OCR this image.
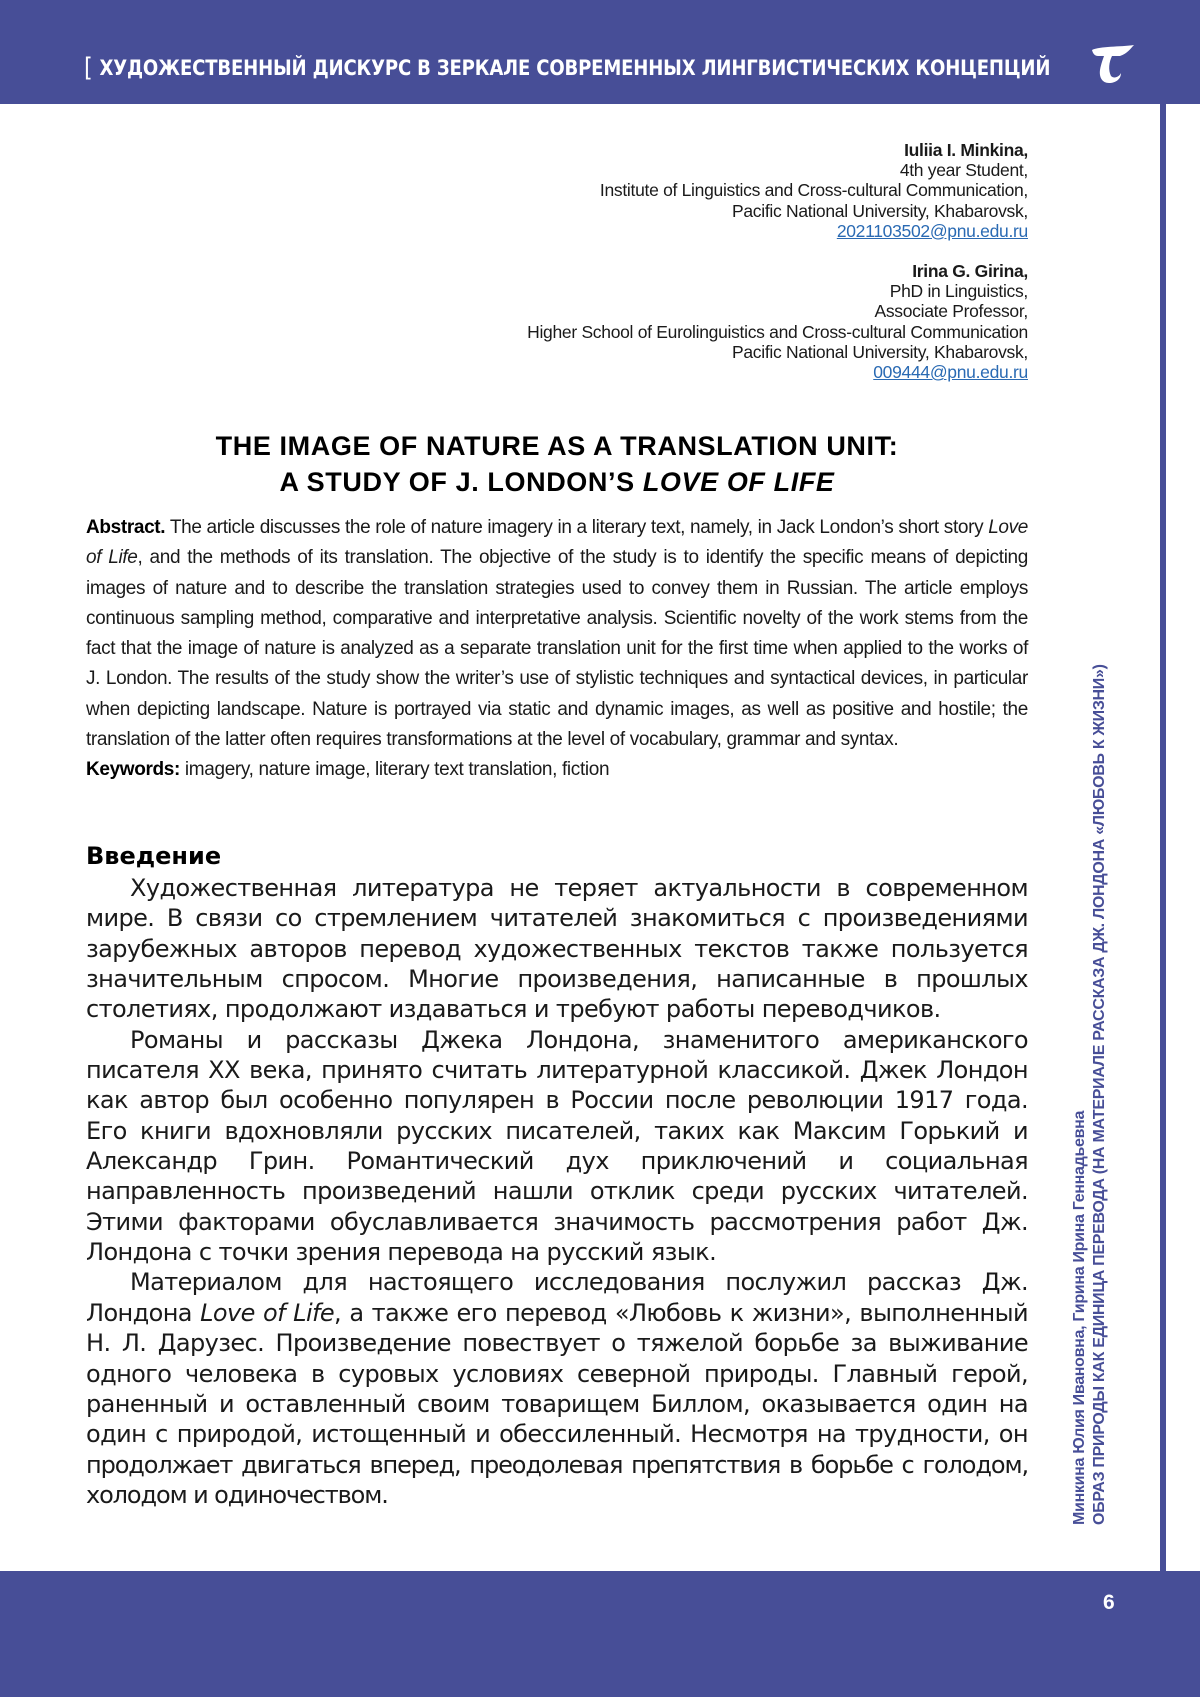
[ ХУДОЖЕСТВЕННЫЙ ДИСКУРС В ЗЕРКАЛЕ СОВРЕМЕННЫХ ЛИНГВИСТИЧЕСКИХ КОНЦЕПЦИЙ
Минкина Юлия Ивановна, Гирина Ирина Геннадьевна ОБРАЗ ПРИРОДЫ КАК ЕДИНИЦА ПЕРЕВОДА (НА МАТЕРИАЛЕ РАССКАЗА ДЖ. ЛОНДОНА «ЛЮБОВЬ К ЖИЗНИ»)
Iuliia I. Minkina,
4th year Student,
Institute of Linguistics and Cross-cultural Communication,
Pacific National University, Khabarovsk,
2021103502@pnu.edu.ru
Irina G. Girina,
PhD in Linguistics,
Associate Professor,
Higher School of Eurolinguistics and Cross-cultural Communication
Pacific National University, Khabarovsk,
009444@pnu.edu.ru
THE IMAGE OF NATURE AS A TRANSLATION UNIT:
A STUDY OF J. LONDON’S LOVE OF LIFE
Abstract. The article discusses the role of nature imagery in a literary text, namely, in Jack London’s short story Love of Life, and the methods of its translation. The objective of the study is to identify the specific means of depicting images of nature and to describe the translation strategies used to convey them in Russian. The article employs continuous sampling method, comparative and interpretative analysis. Scientific novelty of the work stems from the fact that the image of nature is analyzed as a separate translation unit for the first time when applied to the works of J. London. The results of the study show the writer’s use of stylistic techniques and syntactical devices, in particular when depicting landscape. Nature is portrayed via static and dynamic images, as well as positive and hostile; the translation of the latter often requires transformations at the level of vocabulary, grammar and syntax.
Keywords: imagery, nature image, literary text translation, fiction
Введение

Художественная литература не теряет актуальности в современном мире. В связи со стремлением читателей знакомиться с произведениями зарубежных авторов перевод художественных текстов также пользуется значительным спросом. Многие произведения, написанные в прошлых столетиях, продолжают издаваться и требуют работы переводчиков.

Романы и рассказы Джека Лондона, знаменитого американского писателя XX века, принято считать литературной классикой. Джек Лондон как автор был особенно популярен в России после революции 1917 года. Его книги вдохновляли русских писателей, таких как Максим Горький и Александр Грин. Романтический дух приключений и социальная направленность произведений нашли отклик среди русских читателей. Этими факторами обуславливается значимость рассмотрения работ Дж. Лондона с точки зрения перевода на русский язык.

Материалом для настоящего исследования послужил рассказ Дж. Лондона Love of Life, а также его перевод «Любовь к жизни», выполненный Н. Л. Дарузес. Произведение повествует о тяжелой борьбе за выживание одного человека в суровых условиях северной природы. Главный герой, раненный и оставленный своим товарищем Биллом, оказывается один на один с природой, истощенный и обессиленный. Несмотря на трудности, он продолжает двигаться вперед, преодолевая препятствия в борьбе с голодом, холодом и одиночеством.

6
